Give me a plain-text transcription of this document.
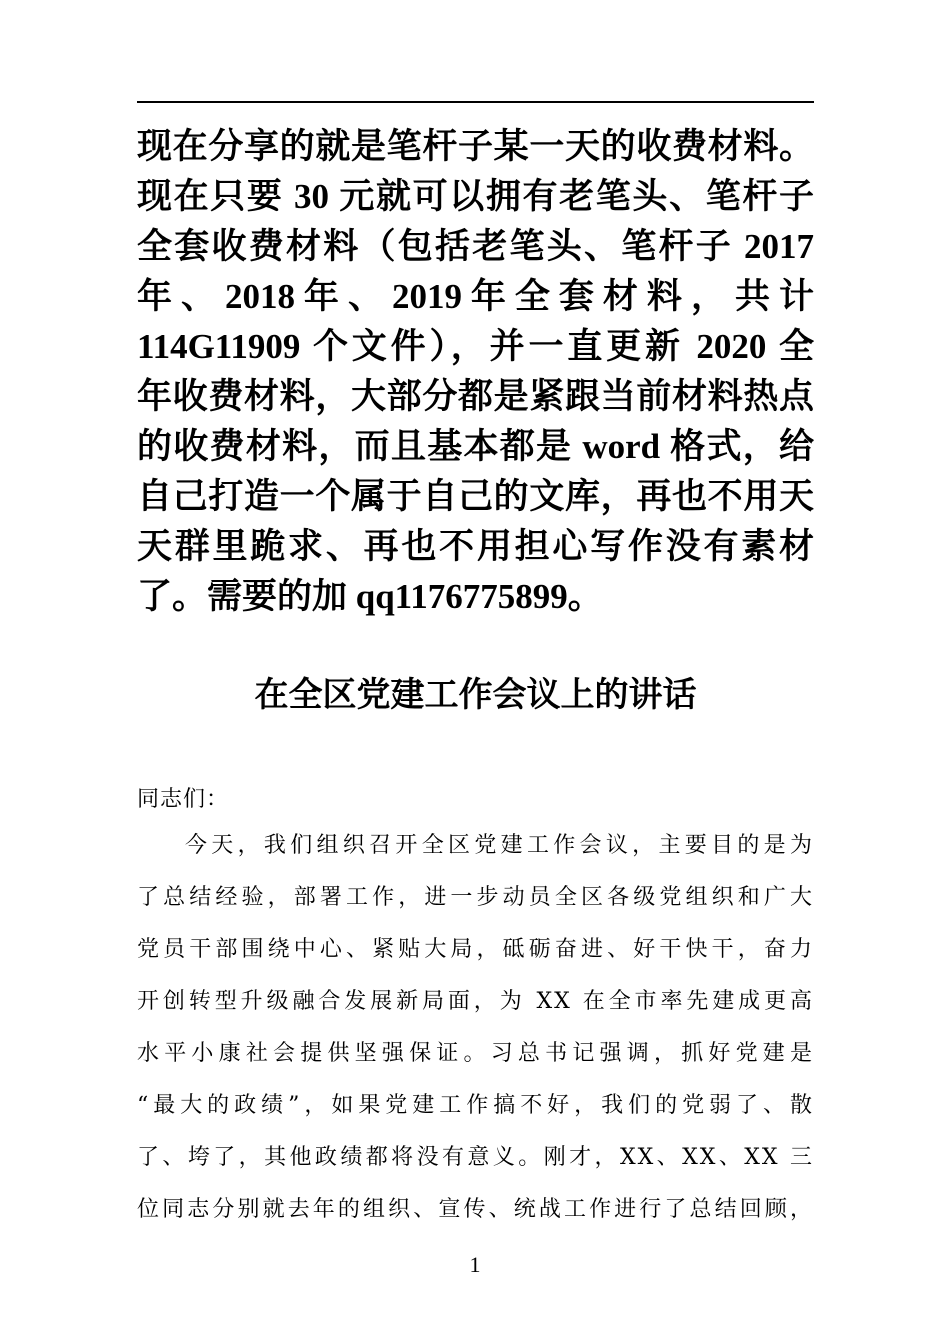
现在分享的就是笔杆子某一天的收费材料。
现在只要 30 元就可以拥有老笔头、笔杆子
全套收费材料（包括老笔头、笔杆子 2017
年 、 2018 年 、 2019 年 全 套 材 料 ， 共 计
114G11909 个文件），并一直更新 2020 全
年收费材料，大部分都是紧跟当前材料热点
的收费材料，而且基本都是 word 格式，给
自己打造一个属于自己的文库，再也不用天
天群里跪求、再也不用担心写作没有素材
了。需要的加 qq1176775899。
在全区党建工作会议上的讲话
同志们：
今天，我们组织召开全区党建工作会议，主要目的是为
了总结经验，部署工作，进一步动员全区各级党组织和广大
党员干部围绕中心、紧贴大局，砥砺奋进、好干快干，奋力
开创转型升级融合发展新局面，为 XX 在全市率先建成更高
水平小康社会提供坚强保证。习总书记强调，抓好党建是
“最大的政绩”，如果党建工作搞不好，我们的党弱了、散
了、垮了，其他政绩都将没有意义。刚才，XX、XX、XX 三
位同志分别就去年的组织、宣传、统战工作进行了总结回顾，
1
